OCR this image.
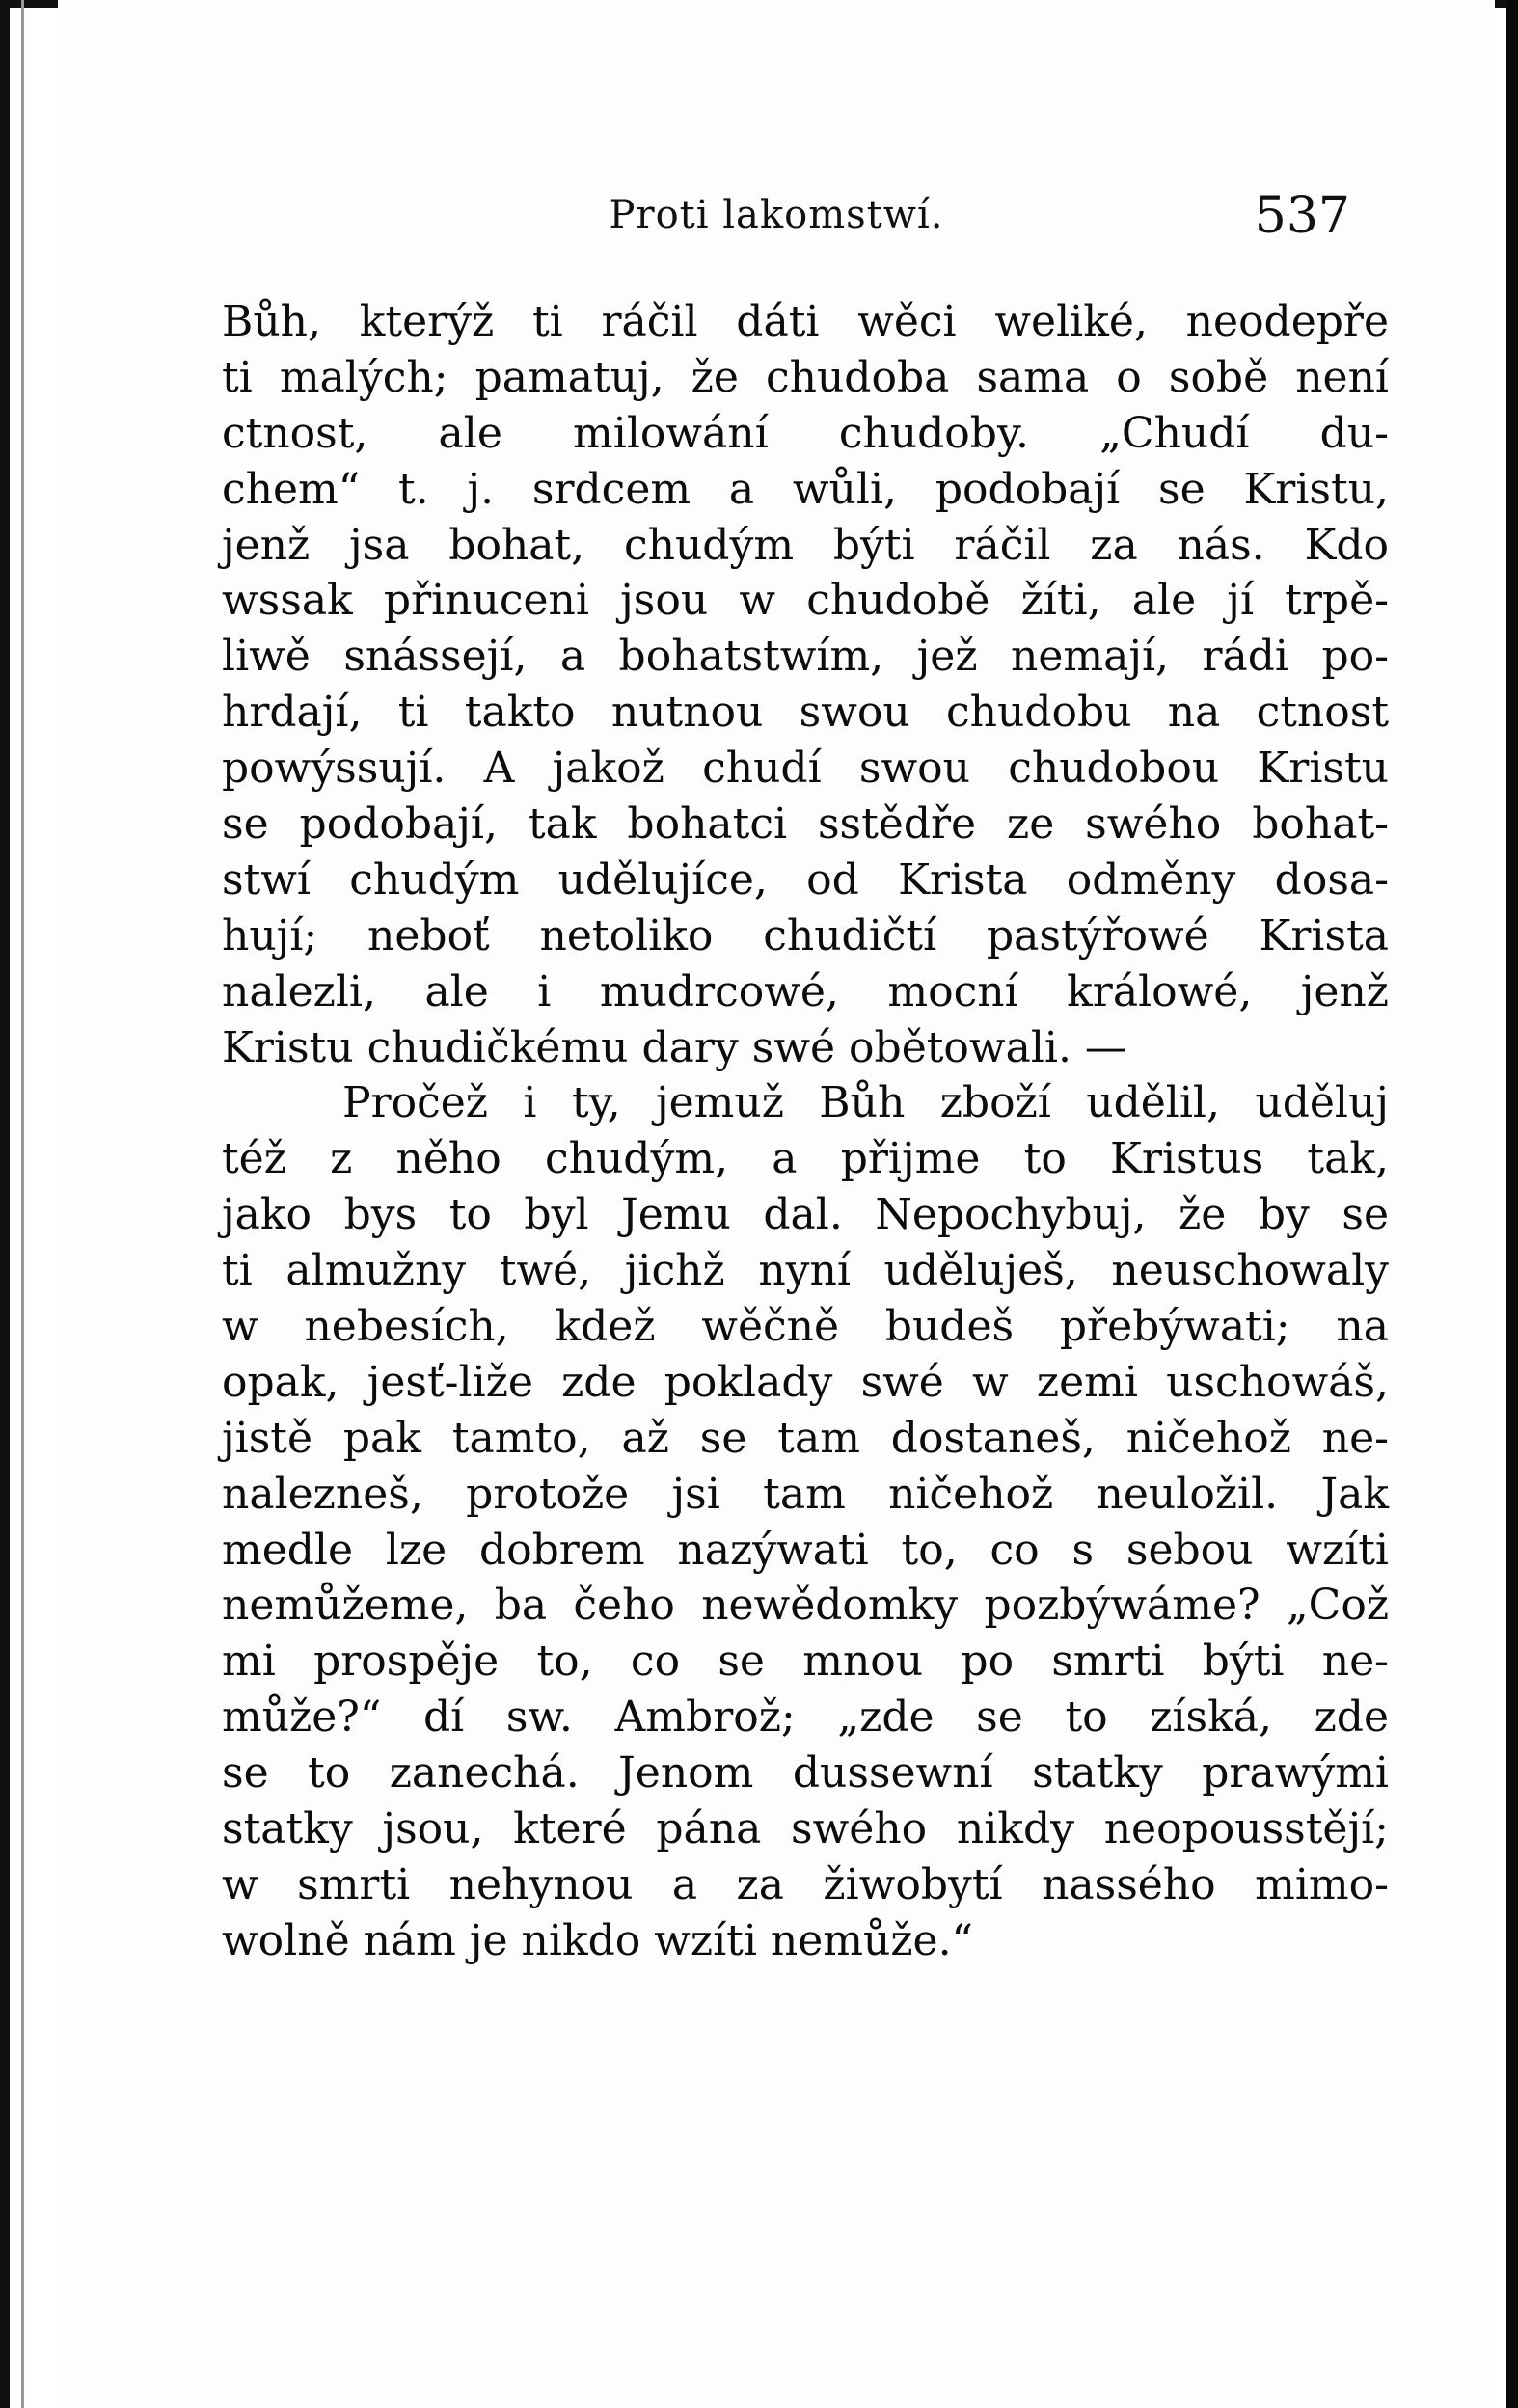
Proti lakomstwí.	537
Bůh, kterýž ti ráčil dáti wěci weliké, neodepře
ti malých; pamatuj, že chudoba sama o sobě není
ctnost, ale milowání chudoby. „Chudí du-
chem“ t. j. srdcem a wůli, podobají se Kristu,
jenž jsa bohat, chudým býti ráčil za nás. Kdo
wssak přinuceni jsou w chudobě žíti, ale jí trpě-
liwě snássejí, a bohatstwím, jež nemají, rádi po-
hrdají, ti takto nutnou swou chudobu na ctnost
powýssují. A jakož chudí swou chudobou Kristu
se podobají, tak bohatci sstědře ze swého bohat-
stwí chudým udělujíce, od Krista odměny dosa-
hují; neboť netoliko chudičtí pastýřowé Krista
nalezli, ale i mudrcowé, mocní králowé, jenž
Kristu chudičkému dary swé obětowali. —
Pročež i ty, jemuž Bůh zboží udělil, uděluj
též z něho chudým, a přijme to Kristus tak,
jako bys to byl Jemu dal. Nepochybuj, že by se
ti almužny twé, jichž nyní uděluješ, neuschowaly
w nebesích, kdež wěčně budeš přebýwati; na
opak, jesť-liže zde poklady swé w zemi uschowáš,
jistě pak tamto, až se tam dostaneš, ničehož ne-
nalezneš, protože jsi tam ničehož neuložil. Jak
medle lze dobrem nazýwati to, co s sebou wzíti
nemůžeme, ba čeho newědomky pozbýwáme? „Což
mi prospěje to, co se mnou po smrti býti ne-
může?“ dí sw. Ambrož; „zde se to získá, zde
se to zanechá. Jenom dussewní statky prawými
statky jsou, které pána swého nikdy neopousstějí;
w smrti nehynou a za žiwobytí nassého mimo-
wolně nám je nikdo wzíti nemůže.“
